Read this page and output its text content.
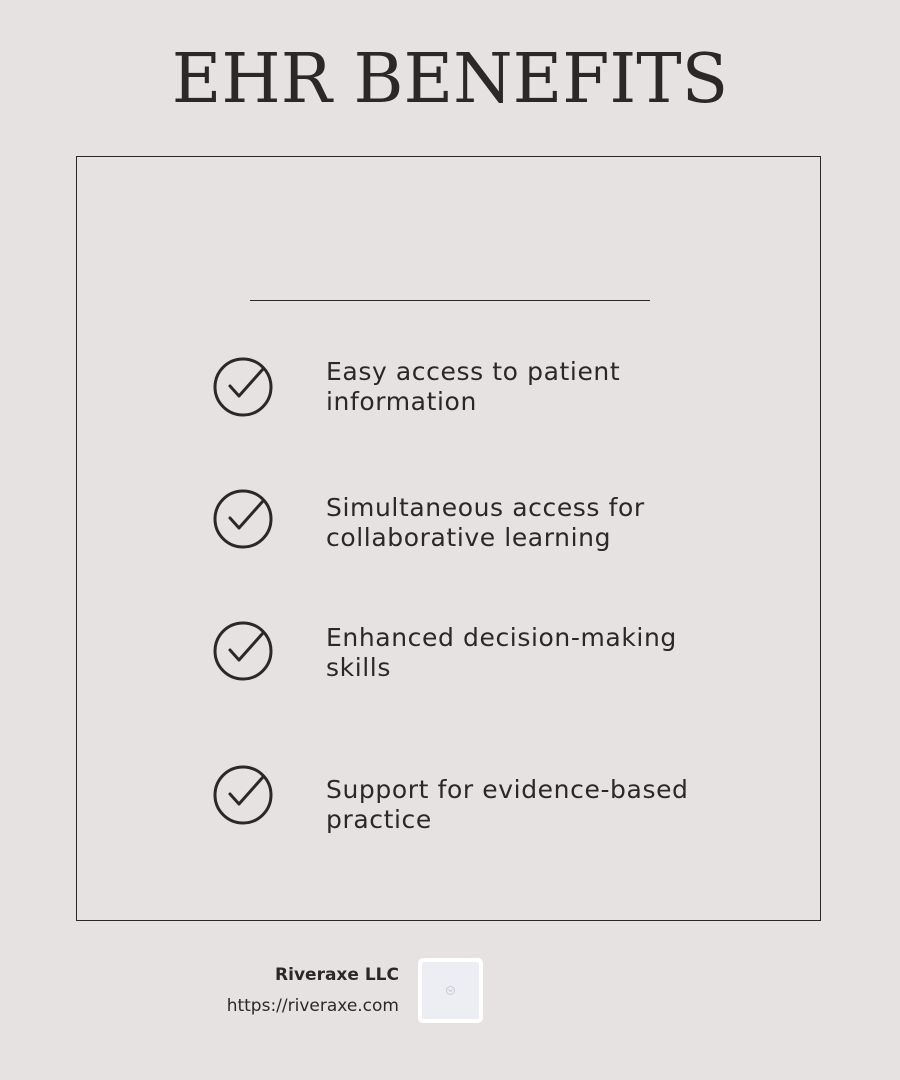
EHR BENEFITS
Easy access to patient information
Simultaneous access for collaborative learning
Enhanced decision-making skills
Support for evidence-based practice
Riveraxe LLC
https://riveraxe.com
